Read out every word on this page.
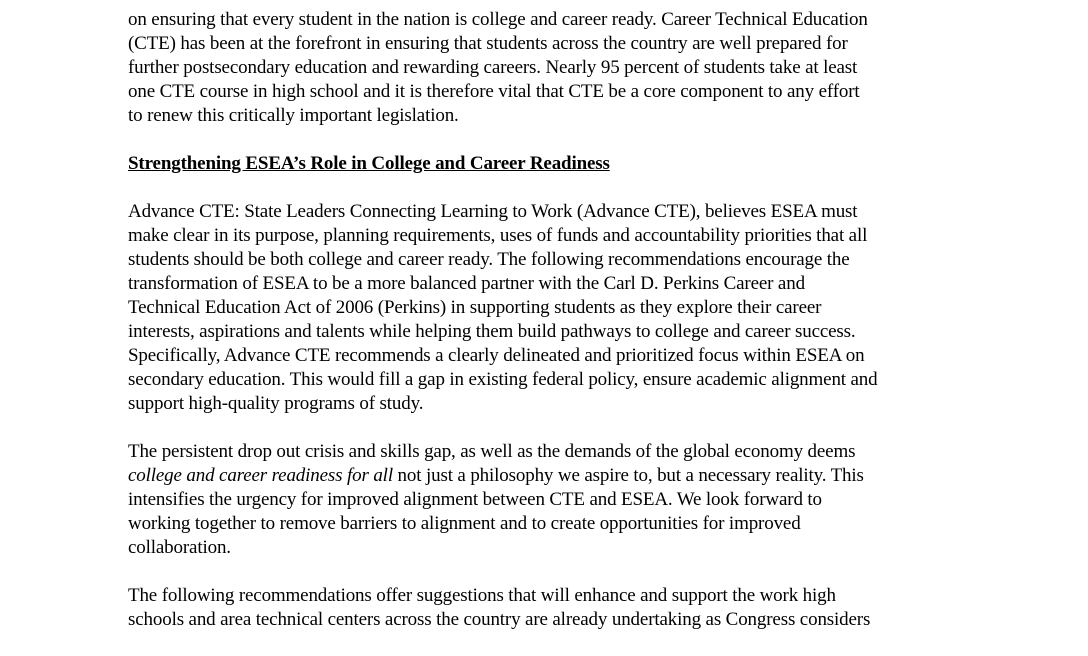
on ensuring that every student in the nation is college and career ready. Career Technical Education
(CTE) has been at the forefront in ensuring that students across the country are well prepared for
further postsecondary education and rewarding careers. Nearly 95 percent of students take at least
one CTE course in high school and it is therefore vital that CTE be a core component to any effort
to renew this critically important legislation.

Strengthening ESEA’s Role in College and Career Readiness

Advance CTE: State Leaders Connecting Learning to Work (Advance CTE), believes ESEA must
make clear in its purpose, planning requirements, uses of funds and accountability priorities that all
students should be both college and career ready. The following recommendations encourage the
transformation of ESEA to be a more balanced partner with the Carl D. Perkins Career and
Technical Education Act of 2006 (Perkins) in supporting students as they explore their career
interests, aspirations and talents while helping them build pathways to college and career success.
Specifically, Advance CTE recommends a clearly delineated and prioritized focus within ESEA on
secondary education. This would fill a gap in existing federal policy, ensure academic alignment and
support high-quality programs of study.

The persistent drop out crisis and skills gap, as well as the demands of the global economy deems
college and career readiness for all not just a philosophy we aspire to, but a necessary reality. This
intensifies the urgency for improved alignment between CTE and ESEA. We look forward to
working together to remove barriers to alignment and to create opportunities for improved
collaboration.

The following recommendations offer suggestions that will enhance and support the work high
schools and area technical centers across the country are already undertaking as Congress considers
